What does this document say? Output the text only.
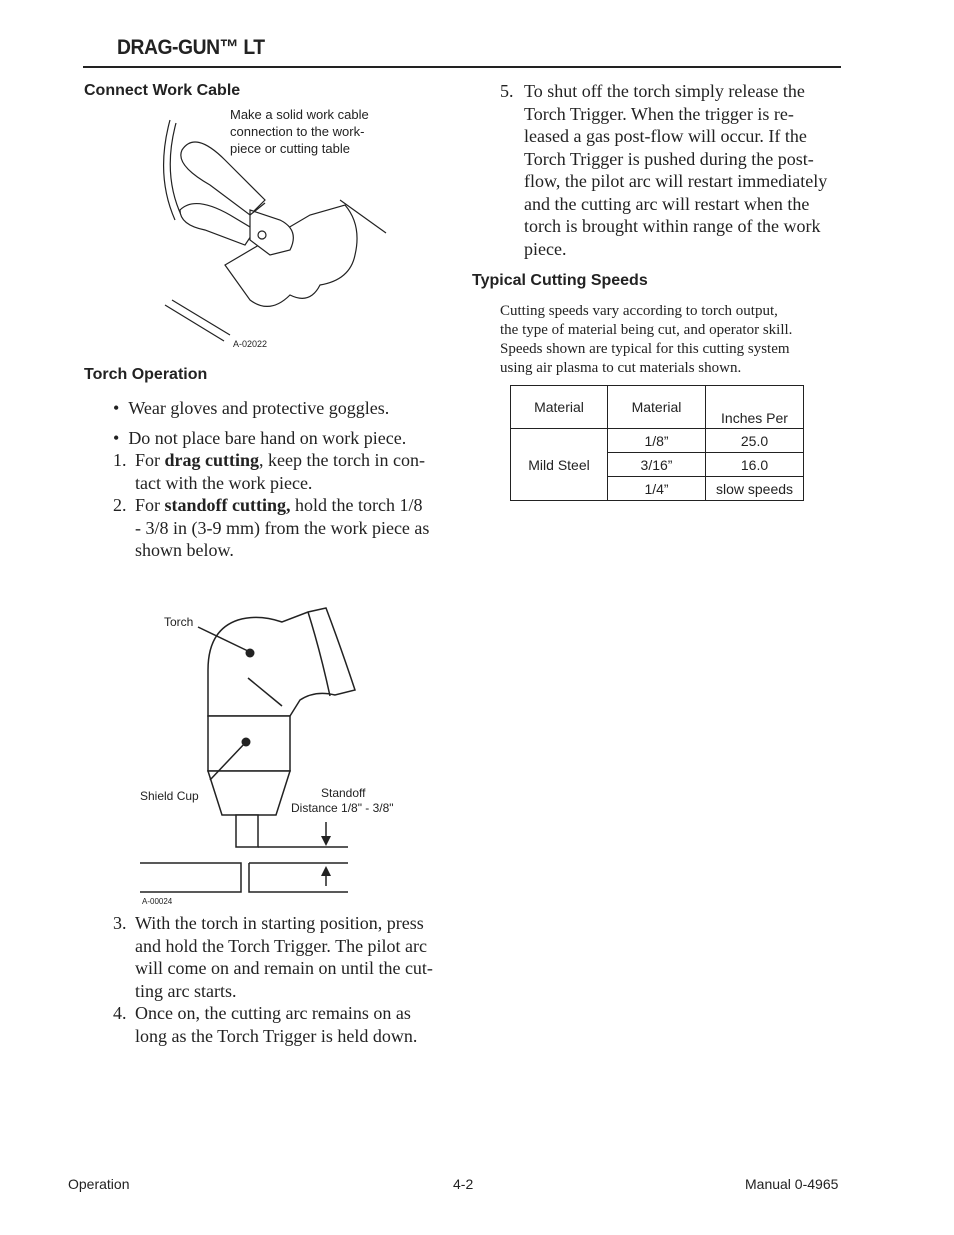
DRAG-GUN™ LT
Connect Work Cable
Make a solid work cable
connection to the work-
piece or cutting table
A-02022
Torch Operation
• Wear gloves and protective goggles.
• Do not place bare hand on work piece.
1. For drag cutting, keep the torch in con-
tact with the work piece.
2. For standoff cutting, hold the torch 1/8
- 3/8 in (3-9 mm) from the work piece as
shown below.
Torch
Shield Cup	Standoff
Distance 1/8" - 3/8"
A-00024
3. With the torch in starting position, press
and hold the Torch Trigger. The pilot arc
will come on and remain on until the cut-
ting arc starts.
4. Once on, the cutting arc remains on as
long as the Torch Trigger is held down.
5. To shut off the torch simply release the
Torch Trigger. When the trigger is re-
leased a gas post-flow will occur. If the
Torch Trigger is pushed during the post-
flow, the pilot arc will restart immediately
and the cutting arc will restart when the
torch is brought within range of the work
piece.
Typical Cutting Speeds
Cutting speeds vary according to torch output,
the type of material being cut, and operator skill.
Speeds shown are typical for this cutting system
using air plasma to cut materials shown.
Material	Material	Inches Per
Mild Steel	1/8”	25.0
	3/16”	16.0
	1/4”	slow speeds
Operation	4-2	Manual 0-4965
